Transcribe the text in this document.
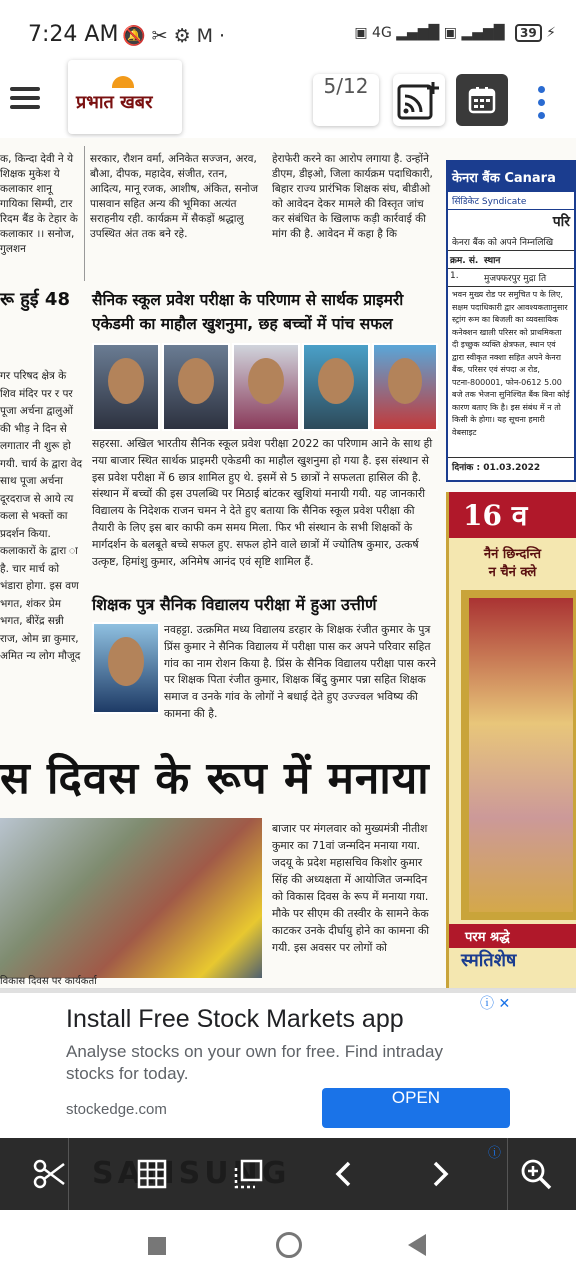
7:24 AM 🔕✂⚙M·	▣ 4G ▂▄▆█ ▣ ▂▄▆█ 39 ⚡
प्रभात खबर
5/12
क, किन्दा देवी ने ये शिक्षक मुकेश ये कलाकार शानू गायिका सिम्पी, टार रिदम बैंड के टेहार के कलाकार ।। सनोज, गुलशन
सरकार, रौशन वर्मा, अनिकेत सज्जन, अरव, बौआ, दीपक, महादेव, संजीत, रतन, आदित्य, मानू रजक, आशीष, अंकित, सनोज पासवान सहित अन्य की भूमिका अत्यंत सराहनीय रही. कार्यक्रम में सैकड़ों श्रद्धालु उपस्थित अंत तक बने रहे.
हेराफेरी करने का आरोप लगाया है. उन्होंने डीएम, डीइओ, जिला कार्यक्रम पदाधिकारी, बिहार राज्य प्रारंभिक शिक्षक संघ, बीडीओ को आवेदन देकर मामले की विस्तृत जांच कर संबंधित के खिलाफ कड़ी कार्रवाई की मांग की है. आवेदन में कहा है कि
रू हुई 48
गर परिषद क्षेत्र के शिव मंदिर पर र पर पूजा अर्चना द्वालुओं की भीड़ ने दिन से लगातार नी शुरू हो गयी. चार्य के द्वारा वेद साथ पूजा अर्चना दूरदराज से आये त्य कला से भक्तों का प्रदर्शन किया. कलाकारों के द्वारा ा है. चार मार्च को भंडारा होगा. इस वण भगत, शंकर प्रेम भगत, बीरेंद्र सन्नी राज, ओम न्ना कुमार, अमित न्य लोग मौजूद
सैनिक स्कूल प्रवेश परीक्षा के परिणाम से सार्थक प्राइमरी एकेडमी का माहौल खुशनुमा, छह बच्चों में पांच सफल
सहरसा. अखिल भारतीय सैनिक स्कूल प्रवेश परीक्षा 2022 का परिणाम आने के साथ ही नया बाजार स्थित सार्थक प्राइमरी एकेडमी का माहौल खुशनुमा हो गया है. इस संस्थान से इस प्रवेश परीक्षा में 6 छात्र शामिल हुए थे. इसमें से 5 छात्रों ने सफलता हासिल की है. संस्थान में बच्चों की इस उपलब्धि पर मिठाई बांटकर खुशियां मनायी गयी. यह जानकारी विद्यालय के निदेशक राजन चमन ने देते हुए बताया कि सैनिक स्कूल प्रवेश परीक्षा की तैयारी के लिए इस बार काफी कम समय मिला. फिर भी संस्थान के सभी शिक्षकों के मार्गदर्शन के बलबूते बच्चे सफल हुए. सफल होने वाले छात्रों में ज्योतिष कुमार, उत्कर्ष उत्कृष्ट, हिमांशु कुमार, अनिमेष आनंद एवं सृष्टि शामिल हैं.
शिक्षक पुत्र सैनिक विद्यालय परीक्षा में हुआ उत्तीर्ण
नवहट्टा. उत्क्रमित मध्य विद्यालय डरहार के शिक्षक रंजीत कुमार के पुत्र प्रिंस कुमार ने सैनिक विद्यालय में परीक्षा पास कर अपने परिवार सहित गांव का नाम रोशन किया है. प्रिंस के सैनिक विद्यालय परीक्षा पास करने पर शिक्षक पिता रंजीत कुमार, शिक्षक बिंदु कुमार पन्ना सहित शिक्षक समाज व उनके गांव के लोगों ने बधाई देते हुए उज्ज्वल भविष्य की कामना की है.
स दिवस के रूप में मनाया
विकास दिवस पर कार्यकर्ता
बाजार पर मंगलवार को मुख्यमंत्री नीतीश कुमार का 71वां जन्मदिन मनाया गया. जदयू के प्रदेश महासचिव किशोर कुमार सिंह की अध्यक्षता में आयोजित जन्मदिन को विकास दिवस के रूप में मनाया गया. मौके पर सीएम की तस्वीर के सामने केक काटकर उनके दीर्घायु होने का कामना की गयी. इस अवसर पर लोगों को
केनरा बैंक Canara
सिंडिकेट Syndicate
परि
केनरा बैंक को अपने निम्नलिखि
क्रम. सं. स्थान
1.	मुजफ्फरपुर मुद्रा ति
भवन मुख्य रोड पर समुचित प के लिए, सक्षम पदाधिकारी द्वार आवश्यकताानुसार स्ट्रांग रूम का बिजली का व्यवसायिक कनेक्शन खाली परिसर को प्राथमिकता दी इच्छुक व्यक्ति क्षेत्रफल, स्थान एवं द्वारा स्वीकृत नक्शा सहित अपने केनरा बैंक, परिसर एवं संपदा अ रोड, पटना-800001, फोन-0612 5.00 बजे तक भेजना सुनिश्चित बैंक बिना कोई कारण बताए कि है। इस संबंध में न तो किसी के होगा। यह सूचना हमारी वेबसाइट
दिनांक : 01.03.2022
16 व
नैनं छिन्दन्ति
न चैनं क्ले
परम श्रद्धे
स्मतिशेष
ⓘ ✕
Install Free Stock Markets app
Analyse stocks on your own for free. Find intraday stocks for today.
stockedge.com
OPEN
SAMSUNG
ⓘ
